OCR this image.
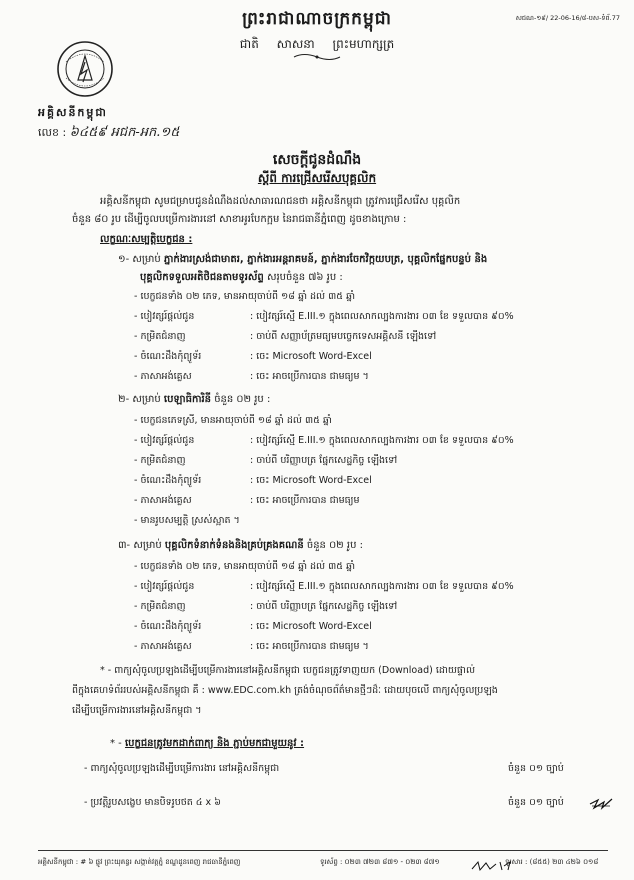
ព្រះរាជាណាចក្រកម្ពុជា	សជណ-១៩/ 22-06-16/៨-បស-ទំព័.77
ជាតិ សាសនា ព្រះមហាក្សត្រ
អគ្គិសនីកម្ពុជា
លេខ : ៦៤៥៩ អជក-អក.១៥
សេចក្តីជូនដំណឹង
ស្តីពី ការជ្រើសរើសបុគ្គលិក
អគ្គិសនីកម្ពុជា សូមជម្រាបជូនដំណឹងដល់សាធារណជនថា អគ្គិសនីកម្ពុជា ត្រូវការជ្រើសរើស បុគ្គលិក
ចំនួន ៨០ រូប ដើម្បីចូលបម្រើការងារនៅ សាខាអូរបែកក្អម នៃរាជធានីភ្នំពេញ ដូចខាងក្រោម :
លក្ខណៈសម្បត្តិបេក្ខជន :
១- សម្រាប់ ភ្នាក់ងារស្រង់ជាមាតរ, ភ្នាក់ងារអន្តរាគមន៍, ភ្នាក់ងារចែកវិក្កយបត្រ, បុគ្គលិកផ្នែកបន្ទប់ និង
បុគ្គលិកទទួលអតិថិជនតាមទូរស័ព្ទ សរុបចំនួន ៧៦ រូប :
- បេក្ខជនទាំង ០២ ភេទ, មានអាយុចាប់ពី ១៨ ឆ្នាំ ដល់ ៣៥ ឆ្នាំ
- បៀវត្សរ៍ផ្តល់ជូន	: បៀវត្សរ៍ស្មើ E.III.១ ក្នុងពេលសាកល្បងការងារ ០៣ ខែ ទទួលបាន ៩០%
- កម្រិតជំនាញ	: ចាប់ពី សញ្ញាប័ត្រមធ្យមបច្ចេកទេសអគ្គិសនី ឡើងទៅ
- ចំណេះដឹងកុំព្យូទ័រ	: ចេះ Microsoft Word-Excel
- ភាសាអង់គ្លេស	: ចេះ អាចប្រើការបាន ជាមធ្យម ។
២- សម្រាប់ បេឡាធិការិនី ចំនួន ០២ រូប :
- បេក្ខជនភេទស្រី, មានអាយុចាប់ពី ១៨ ឆ្នាំ ដល់ ៣៥ ឆ្នាំ
- បៀវត្សរ៍ផ្តល់ជូន	: បៀវត្សរ៍ស្មើ E.III.១ ក្នុងពេលសាកល្បងការងារ ០៣ ខែ ទទួលបាន ៩០%
- កម្រិតជំនាញ	: ចាប់ពី បរិញ្ញាបត្រ ផ្នែកសេដ្ឋកិច្ច ឡើងទៅ
- ចំណេះដឹងកុំព្យូទ័រ	: ចេះ Microsoft Word-Excel
- ភាសាអង់គ្លេស	: ចេះ អាចប្រើការបាន ជាមធ្យម
- មានរូបសម្បត្តិ ស្រស់ស្អាត ។
៣- សម្រាប់ បុគ្គលិកទំនាក់ទំនងនិងគ្រប់គ្រងគណនី ចំនួន ០២ រូប :
- បេក្ខជនទាំង ០២ ភេទ, មានអាយុចាប់ពី ១៨ ឆ្នាំ ដល់ ៣៥ ឆ្នាំ
- បៀវត្សរ៍ផ្តល់ជូន	: បៀវត្សរ៍ស្មើ E.III.១ ក្នុងពេលសាកល្បងការងារ ០៣ ខែ ទទួលបាន ៩០%
- កម្រិតជំនាញ	: ចាប់ពី បរិញ្ញាបត្រ ផ្នែកសេដ្ឋកិច្ច ឡើងទៅ
- ចំណេះដឹងកុំព្យូទ័រ	: ចេះ Microsoft Word-Excel
- ភាសាអង់គ្លេស	: ចេះ អាចប្រើការបាន ជាមធ្យម ។
* - ពាក្យសុំចូលប្រឡងដើម្បីបម្រើការងារនៅអគ្គិសនីកម្ពុជា បេក្ខជនត្រូវទាញយក (Download) ដោយផ្ទាល់
ពីក្នុងគេហទំព័ររបស់អគ្គិសនីកម្ពុជា គឺ : www.EDC.com.kh ត្រង់ចំណុចព័ត៌មានថ្មីៗដ៏ៈ ដោយបុចលើ ពាក្យសុំចូលប្រឡង
ដើម្បីបម្រើការងារនៅអគ្គិសនីកម្ពុជា ។
* - បេក្ខជនត្រូវមកដាក់ពាក្យ និង ភ្ជាប់មកជាមួយនូវ :
- ពាក្យសុំចូលប្រឡងដើម្បីបម្រើការងារ នៅអគ្គិសនីកម្ពុជា	ចំនួន ០១ ច្បាប់
- ប្រវត្តិរូបសង្ខេប មានបិទរូបថត ៤ x ៦	ចំនួន ០១ ច្បាប់
អគ្គិសនីកម្ពុជា : # ៦ ផ្លូវ ព្រះយុគន្ធរ សង្កាត់វត្តភ្នំ ខណ្ឌដូនពេញ រាជធានីភ្នំពេញ	ទូរស័ព្ទ : ០២៣ ៧២៣ ៨៧១ - ០២៣ ៨៧១	ទូរសារ : (៨៥៥) ២៣ ៤២៦ ០១៨
